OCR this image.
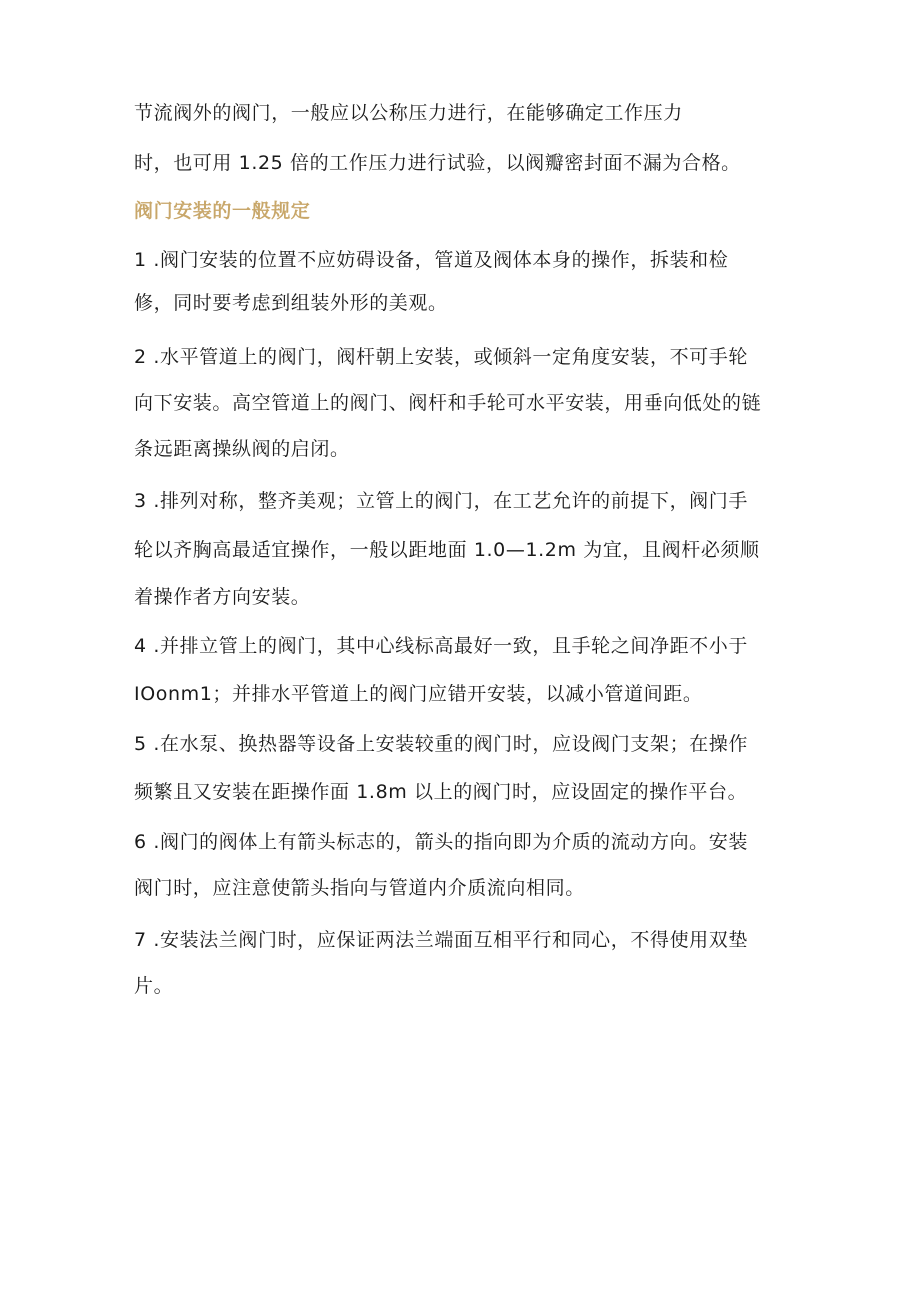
节流阀外的阀门，一般应以公称压力进行，在能够确定工作压力
时，也可用 1.25 倍的工作压力进行试验，以阀瓣密封面不漏为合格。
阀门安装的一般规定
1 .阀门安装的位置不应妨碍设备，管道及阀体本身的操作，拆装和检
修，同时要考虑到组装外形的美观。
2 .水平管道上的阀门，阀杆朝上安装，或倾斜一定角度安装，不可手轮
向下安装。高空管道上的阀门、阀杆和手轮可水平安装，用垂向低处的链
条远距离操纵阀的启闭。
3 .排列对称，整齐美观；立管上的阀门，在工艺允许的前提下，阀门手
轮以齐胸高最适宜操作，一般以距地面 1.0—1.2m 为宜，且阀杆必须顺
着操作者方向安装。
4 .并排立管上的阀门，其中心线标高最好一致，且手轮之间净距不小于
IOonm1；并排水平管道上的阀门应错开安装，以减小管道间距。
5 .在水泵、换热器等设备上安装较重的阀门时，应设阀门支架；在操作
频繁且又安装在距操作面 1.8m 以上的阀门时，应设固定的操作平台。
6 .阀门的阀体上有箭头标志的，箭头的指向即为介质的流动方向。安装
阀门时，应注意使箭头指向与管道内介质流向相同。
7 .安装法兰阀门时，应保证两法兰端面互相平行和同心，不得使用双垫
片。
